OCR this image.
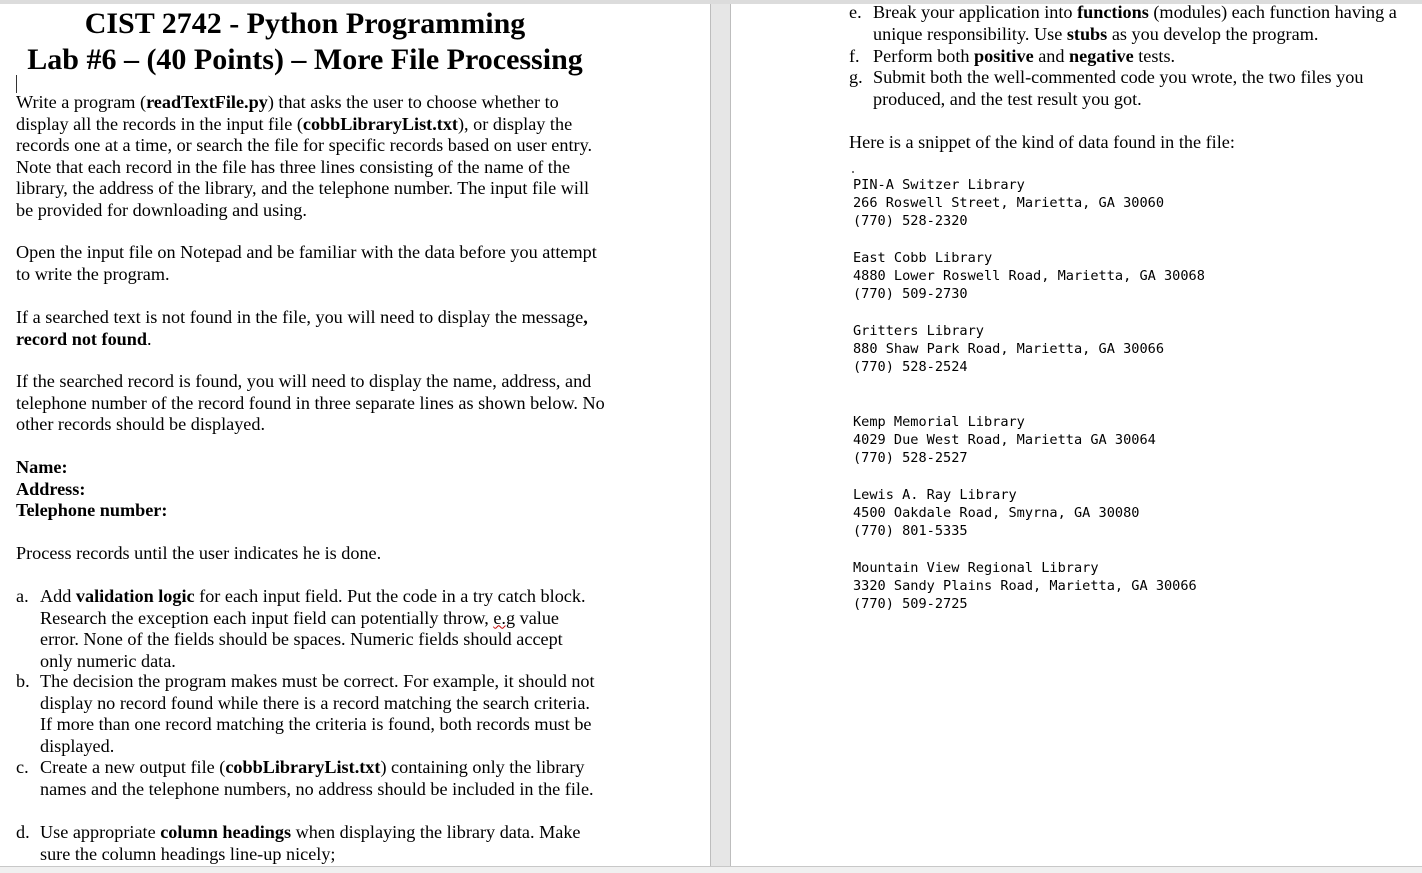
CIST 2742 - Python Programming
Lab #6 – (40 Points) – More File Processing
Write a program (readTextFile.py) that asks the user to choose whether to display all the records in the input file (cobbLibraryList.txt), or display the records one at a time, or search the file for specific records based on user entry. Note that each record in the file has three lines consisting of the name of the library, the address of the library, and the telephone number. The input file will be provided for downloading and using.
Open the input file on Notepad and be familiar with the data before you attempt to write the program.
If a searched text is not found in the file, you will need to display the message, record not found.
If the searched record is found, you will need to display the name, address, and telephone number of the record found in three separate lines as shown below. No other records should be displayed.
Name:
Address:
Telephone number:
Process records until the user indicates he is done.
a. Add validation logic for each input field. Put the code in a try catch block. Research the exception each input field can potentially throw, e.g value error. None of the fields should be spaces. Numeric fields should accept only numeric data.
b. The decision the program makes must be correct. For example, it should not display no record found while there is a record matching the search criteria. If more than one record matching the criteria is found, both records must be displayed.
c. Create a new output file (cobbLibraryList.txt) containing only the library names and the telephone numbers, no address should be included in the file.
d. Use appropriate column headings when displaying the library data. Make sure the column headings line-up nicely;
e. Break your application into functions (modules) each function having a unique responsibility. Use stubs as you develop the program.
f. Perform both positive and negative tests.
g. Submit both the well-commented code you wrote, the two files you produced, and the test result you got.
Here is a snippet of the kind of data found in the file:
PIN-A Switzer Library
266 Roswell Street, Marietta, GA 30060
(770) 528-2320
East Cobb Library
4880 Lower Roswell Road, Marietta, GA 30068
(770) 509-2730
Gritters Library
880 Shaw Park Road, Marietta, GA 30066
(770) 528-2524
Kemp Memorial Library
4029 Due West Road, Marietta GA 30064
(770) 528-2527
Lewis A. Ray Library
4500 Oakdale Road, Smyrna, GA 30080
(770) 801-5335
Mountain View Regional Library
3320 Sandy Plains Road, Marietta, GA 30066
(770) 509-2725
